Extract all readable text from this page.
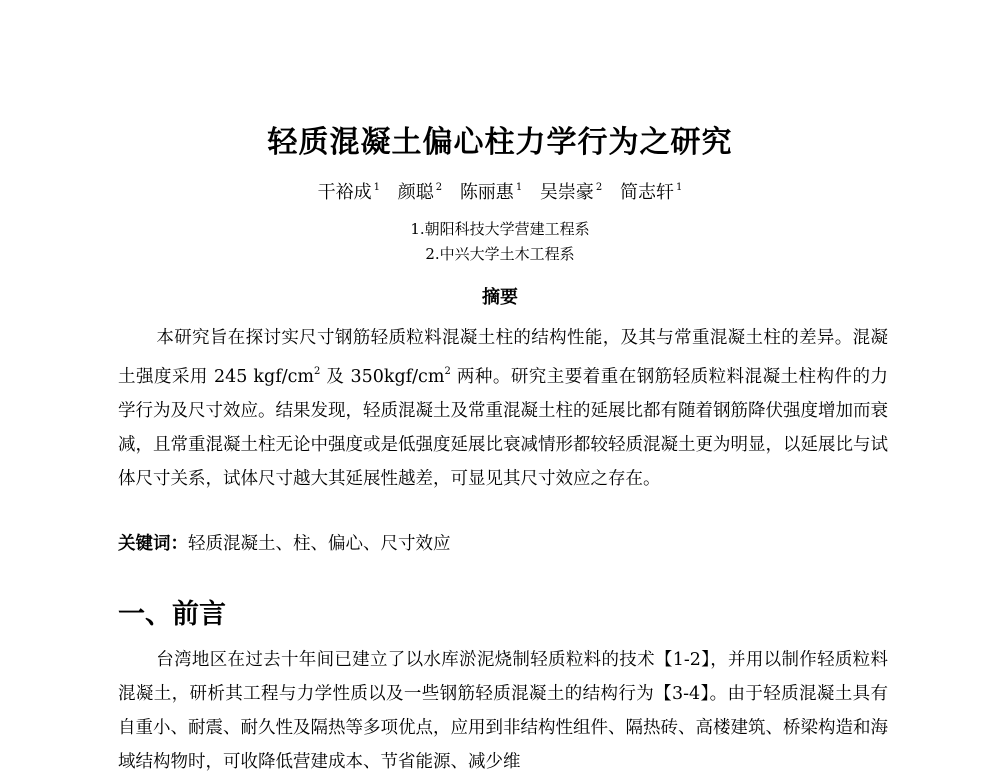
轻质混凝土偏心柱力学行为之研究
干裕成 $^1$ 颜聪 $^2$ 陈丽惠 $^1$ 吴崇豪 $^2$ 简志轩 $^1$
1.朝阳科技大学营建工程系
2.中兴大学土木工程系
摘要
本研究旨在探讨实尺寸钢筋轻质粒料混凝土柱的结构性能，及其与常重混凝土柱的差异。混凝土强度采用 245 kgf/$cm^2$ 及 $350kgf/cm^2$ 两种。研究主要着重在钢筋轻质粒料混凝土柱构件的力学行为及尺寸效应。结果发现，轻质混凝土及常重混凝土柱的延展比都有随着钢筋降伏强度增加而衰减，且常重混凝土柱无论中强度或是低强度延展比衰减情形都较轻质混凝土更为明显，以延展比与试体尺寸关系，试体尺寸越大其延展性越差，可显见其尺寸效应之存在。
关键词：轻质混凝土、柱、偏心、尺寸效应
一、前言
台湾地区在过去十年间已建立了以水库淤泥烧制轻质粒料的技术【1-2】，并用以制作轻质粒料混凝土，研析其工程与力学性质以及一些钢筋轻质混凝土的结构行为【3-4】。由于轻质混凝土具有自重小、耐震、耐久性及隔热等多项优点，应用到非结构性组件、隔热砖、高楼建筑、桥梁构造和海域结构物时，可收降低营建成本、节省能源、减少维
